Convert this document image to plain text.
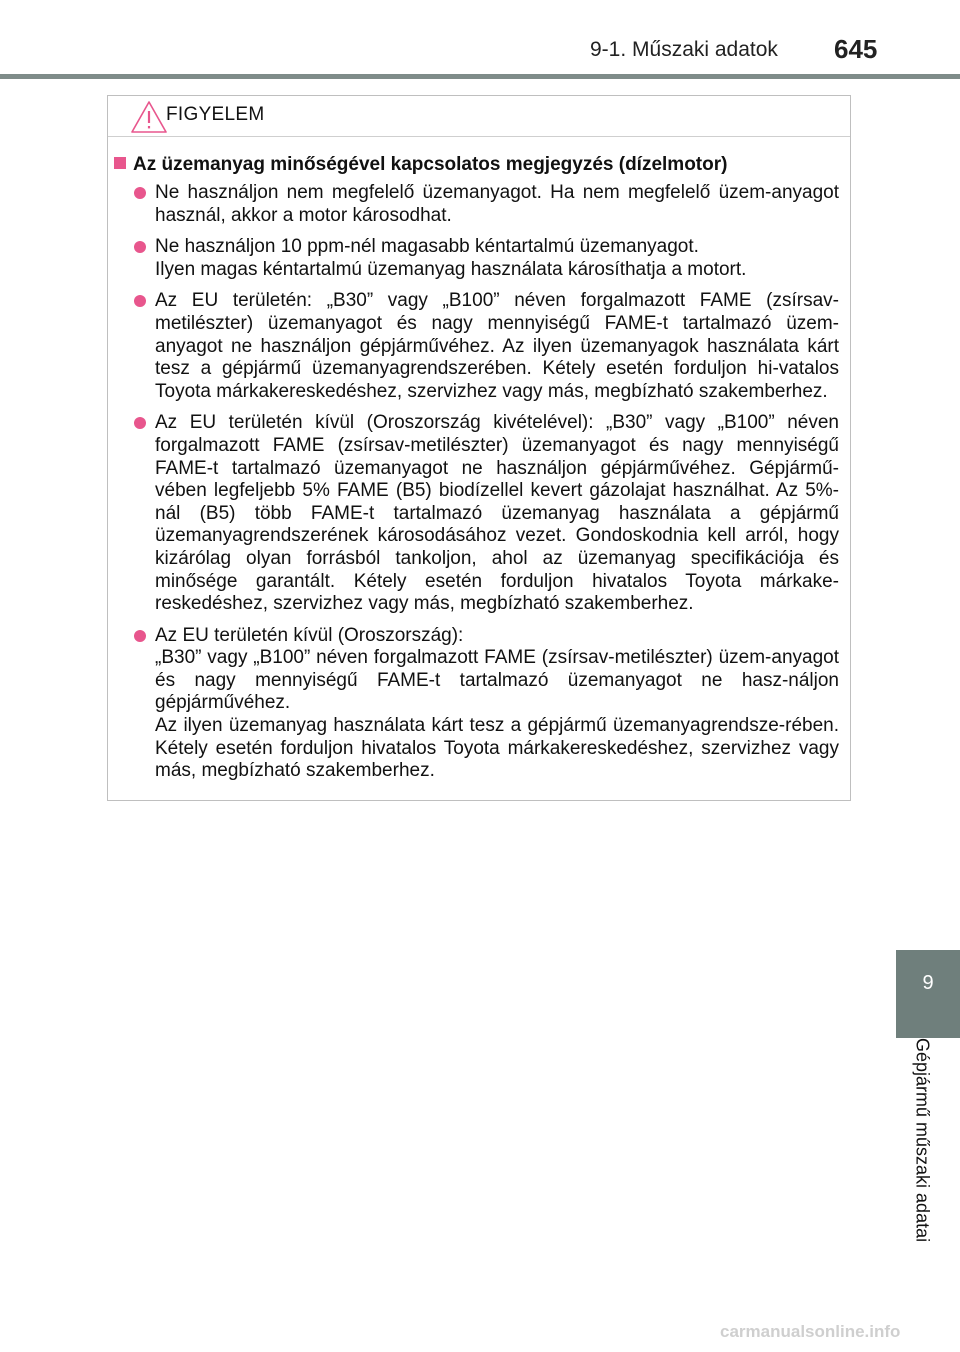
9-1. Műszaki adatok 645
9
Gépjármű műszaki adatai
FIGYELEM
Az üzemanyag minőségével kapcsolatos megjegyzés (dízelmotor)

Ne használjon nem megfelelő üzemanyagot. Ha nem megfelelő üzem-anyagot használ, akkor a motor károsodhat.

Ne használjon 10 ppm-nél magasabb kéntartalmú üzemanyagot.

Ilyen magas kéntartalmú üzemanyag használata károsíthatja a motort.

Az EU területén: „B30” vagy „B100” néven forgalmazott FAME (zsírsav-metilészter) üzemanyagot és nagy mennyiségű FAME-t tartalmazó üzem-anyagot ne használjon gépjárművéhez. Az ilyen üzemanyagok használata kárt tesz a gépjármű üzemanyagrendszerében. Kétely esetén forduljon hi-vatalos Toyota márkakereskedéshez, szervizhez vagy más, megbízható szakemberhez.

Az EU területén kívül (Oroszország kivételével): „B30” vagy „B100” néven forgalmazott FAME (zsírsav-metilészter) üzemanyagot és nagy mennyiségű FAME-t tartalmazó üzemanyagot ne használjon gépjárművéhez. Gépjármű-vében legfeljebb 5% FAME (B5) biodízellel kevert gázolajat használhat. Az 5%-nál (B5) több FAME-t tartalmazó üzemanyag használata a gépjármű üzemanyagrendszerének károsodásához vezet. Gondoskodnia kell arról, hogy kizárólag olyan forrásból tankoljon, ahol az üzemanyag specifikációja és minősége garantált. Kétely esetén forduljon hivatalos Toyota márkake-reskedéshez, szervizhez vagy más, megbízható szakemberhez.

Az EU területén kívül (Oroszország):

„B30” vagy „B100” néven forgalmazott FAME (zsírsav-metilészter) üzem-anyagot és nagy mennyiségű FAME-t tartalmazó üzemanyagot ne hasz-náljon gépjárművéhez.

Az ilyen üzemanyag használata kárt tesz a gépjármű üzemanyagrendsze-rében. Kétely esetén forduljon hivatalos Toyota márkakereskedéshez, szervizhez vagy más, megbízható szakemberhez.

carmanualsonline.info
